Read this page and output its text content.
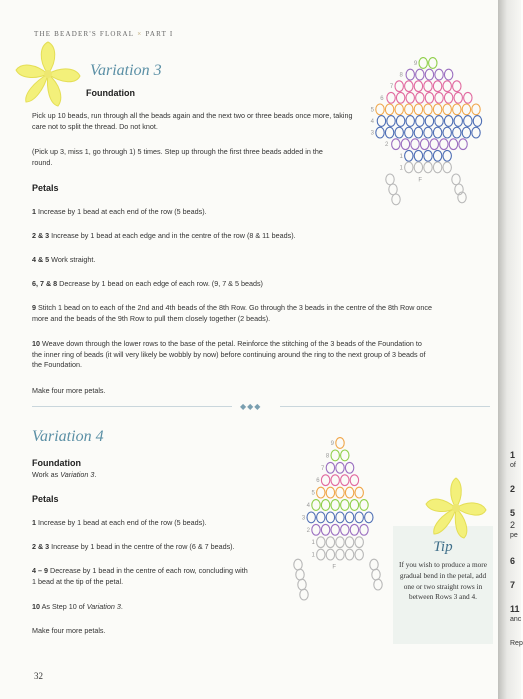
1
of
2
5
2
pe
6
7
11
anc
Rep
THE BEADER'S FLORAL × PART I
Variation 3
Foundation
Pick up 10 beads, run through all the beads again and the next two or three beads once more, taking care not to split the thread. Do not knot.
(Pick up 3, miss 1, go through 1) 5 times. Step up through the first three beads added in the round.
Petals
1 Increase by 1 bead at each end of the row (5 beads).
2 & 3 Increase by 1 bead at each edge and in the centre of the row (8 & 11 beads).
4 & 5 Work straight.
6, 7 & 8 Decrease by 1 bead on each edge of each row. (9, 7 & 5 beads)
9 Stitch 1 bead on to each of the 2nd and 4th beads of the 8th Row. Go through the 3 beads in the centre of the 8th Row once more and the beads of the 9th Row to pull them closely together (2 beads).
10 Weave down through the lower rows to the base of the petal. Reinforce the stitching of the 3 beads of the Foundation to the inner ring of beads (it will very likely be wobbly by now) before continuing around the ring to the next group of 3 beads of the Foundation.
Make four more petals.
9
8
7
6
5
4
3
2
1
1
F
◆◆◆
Variation 4
Foundation
Work as Variation 3.
Petals
1 Increase by 1 bead at each end of the row (5 beads).
2 & 3 Increase by 1 bead in the centre of the row (6 & 7 beads).
4 – 9 Decrease by 1 bead in the centre of each row, concluding with 1 bead at the tip of the petal.
10 As Step 10 of Variation 3.
Make four more petals.
9
8
7
6
5
4
3
2
1
1
F
Tip
If you wish to produce a more gradual bend in the petal, add one or two straight rows in between Rows 3 and 4.
32
